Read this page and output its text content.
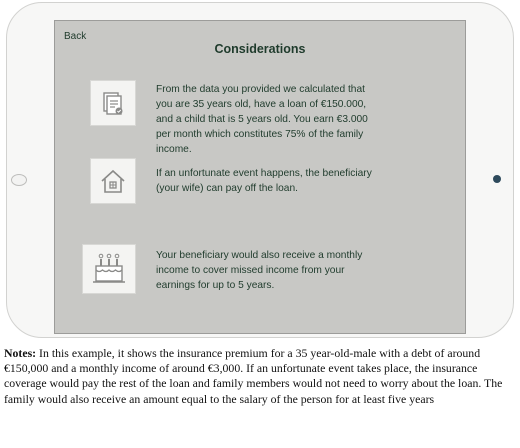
Back
Considerations
From the data you provided we calculated that you are 35 years old, have a loan of €150.000, and a child that is 5 years old. You earn €3.000 per month which constitutes 75% of the family income.
If an unfortunate event happens, the beneficiary (your wife) can pay off the loan.
Your beneficiary would also receive a monthly income to cover missed income from your earnings for up to 5 years.
Notes: In this example, it shows the insurance premium for a 35 year-old-male with a debt of around €150,000 and a monthly income of around €3,000. If an unfortunate event takes place, the insurance coverage would pay the rest of the loan and family members would not need to worry about the loan. The family would also receive an amount equal to the salary of the person for at least five years
